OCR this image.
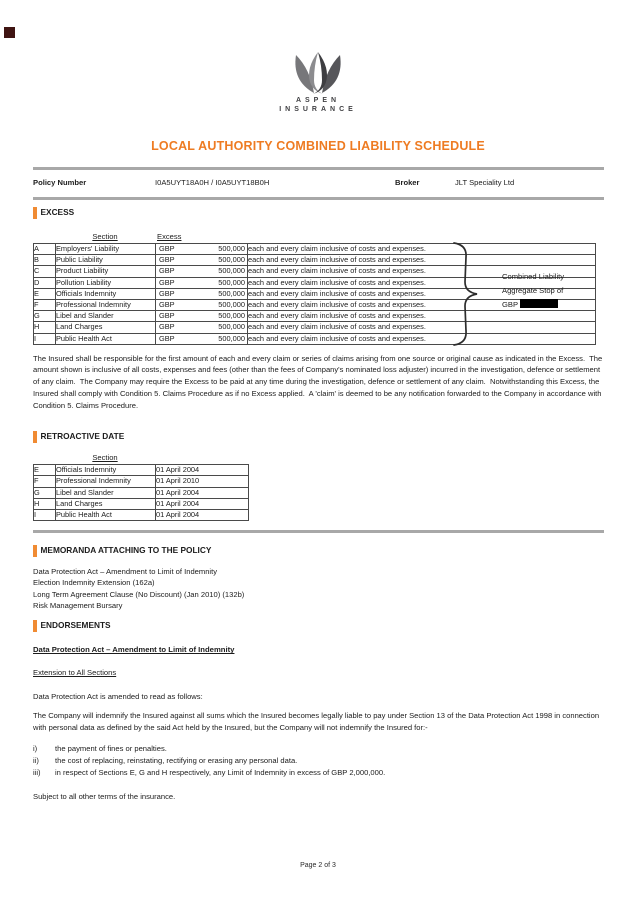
ASPEN
INSURANCE
LOCAL AUTHORITY COMBINED LIABILITY SCHEDULE
Policy Number	I0A5UYT18A0H / I0A5UYT18B0H	Broker	JLT Speciality Ltd
EXCESS
Section	Excess
A	Employers' Liability	GBP 500,000	each and every claim inclusive of costs and expenses.
B	Public Liability	GBP 500,000	each and every claim inclusive of costs and expenses.
C	Product Liability	GBP 500,000	each and every claim inclusive of costs and expenses.
D	Pollution Liability	GBP 500,000	each and every claim inclusive of costs and expenses.
E	Officials Indemnity	GBP 500,000	each and every claim inclusive of costs and expenses.
F	Professional Indemnity	GBP 500,000	each and every claim inclusive of costs and expenses.
G	Libel and Slander	GBP 500,000	each and every claim inclusive of costs and expenses.
H	Land Charges	GBP 500,000	each and every claim inclusive of costs and expenses.
I	Public Health Act	GBP 500,000	each and every claim inclusive of costs and expenses.
The Insured shall be responsible for the first amount of each and every claim or series of claims arising from one source or original cause as indicated in the Excess.  The amount shown is inclusive of all costs, expenses and fees (other than the fees of Company's nominated loss adjuster) incurred in the investigation, defence or settlement of any claim.  The Company may require the Excess to be paid at any time during the investigation, defence or settlement of any claim.  Notwithstanding this Excess, the Insured shall comply with Condition 5. Claims Procedure as if no Excess applied.  A 'claim' is deemed to be any notification forwarded to the Company in accordance with Condition 5. Claims Procedure.
RETROACTIVE DATE
Section
E	Officials Indemnity	01 April 2004
F	Professional Indemnity	01 April 2010
G	Libel and Slander	01 April 2004
H	Land Charges	01 April 2004
I	Public Health Act	01 April 2004
MEMORANDA ATTACHING TO THE POLICY
Data Protection Act – Amendment to Limit of Indemnity
Election Indemnity Extension (162a)
Long Term Agreement Clause (No Discount) (Jan 2010) (132b)
Risk Management Bursary
ENDORSEMENTS
Data Protection Act – Amendment to Limit of Indemnity
Extension to All Sections
Data Protection Act is amended to read as follows:
The Company will indemnify the Insured against all sums which the Insured becomes legally liable to pay under Section 13 of the Data Protection Act 1998 in connection with personal data as defined by the said Act held by the Insured, but the Company will not indemnify the Insured for:-
i)	the payment of fines or penalties.
ii)	the cost of replacing, reinstating, rectifying or erasing any personal data.
iii)	in respect of Sections E, G and H respectively, any Limit of Indemnity in excess of GBP 2,000,000.
Subject to all other terms of the insurance.
Combined Liability
Aggregate Stop of
GBP
Page 2 of 3
